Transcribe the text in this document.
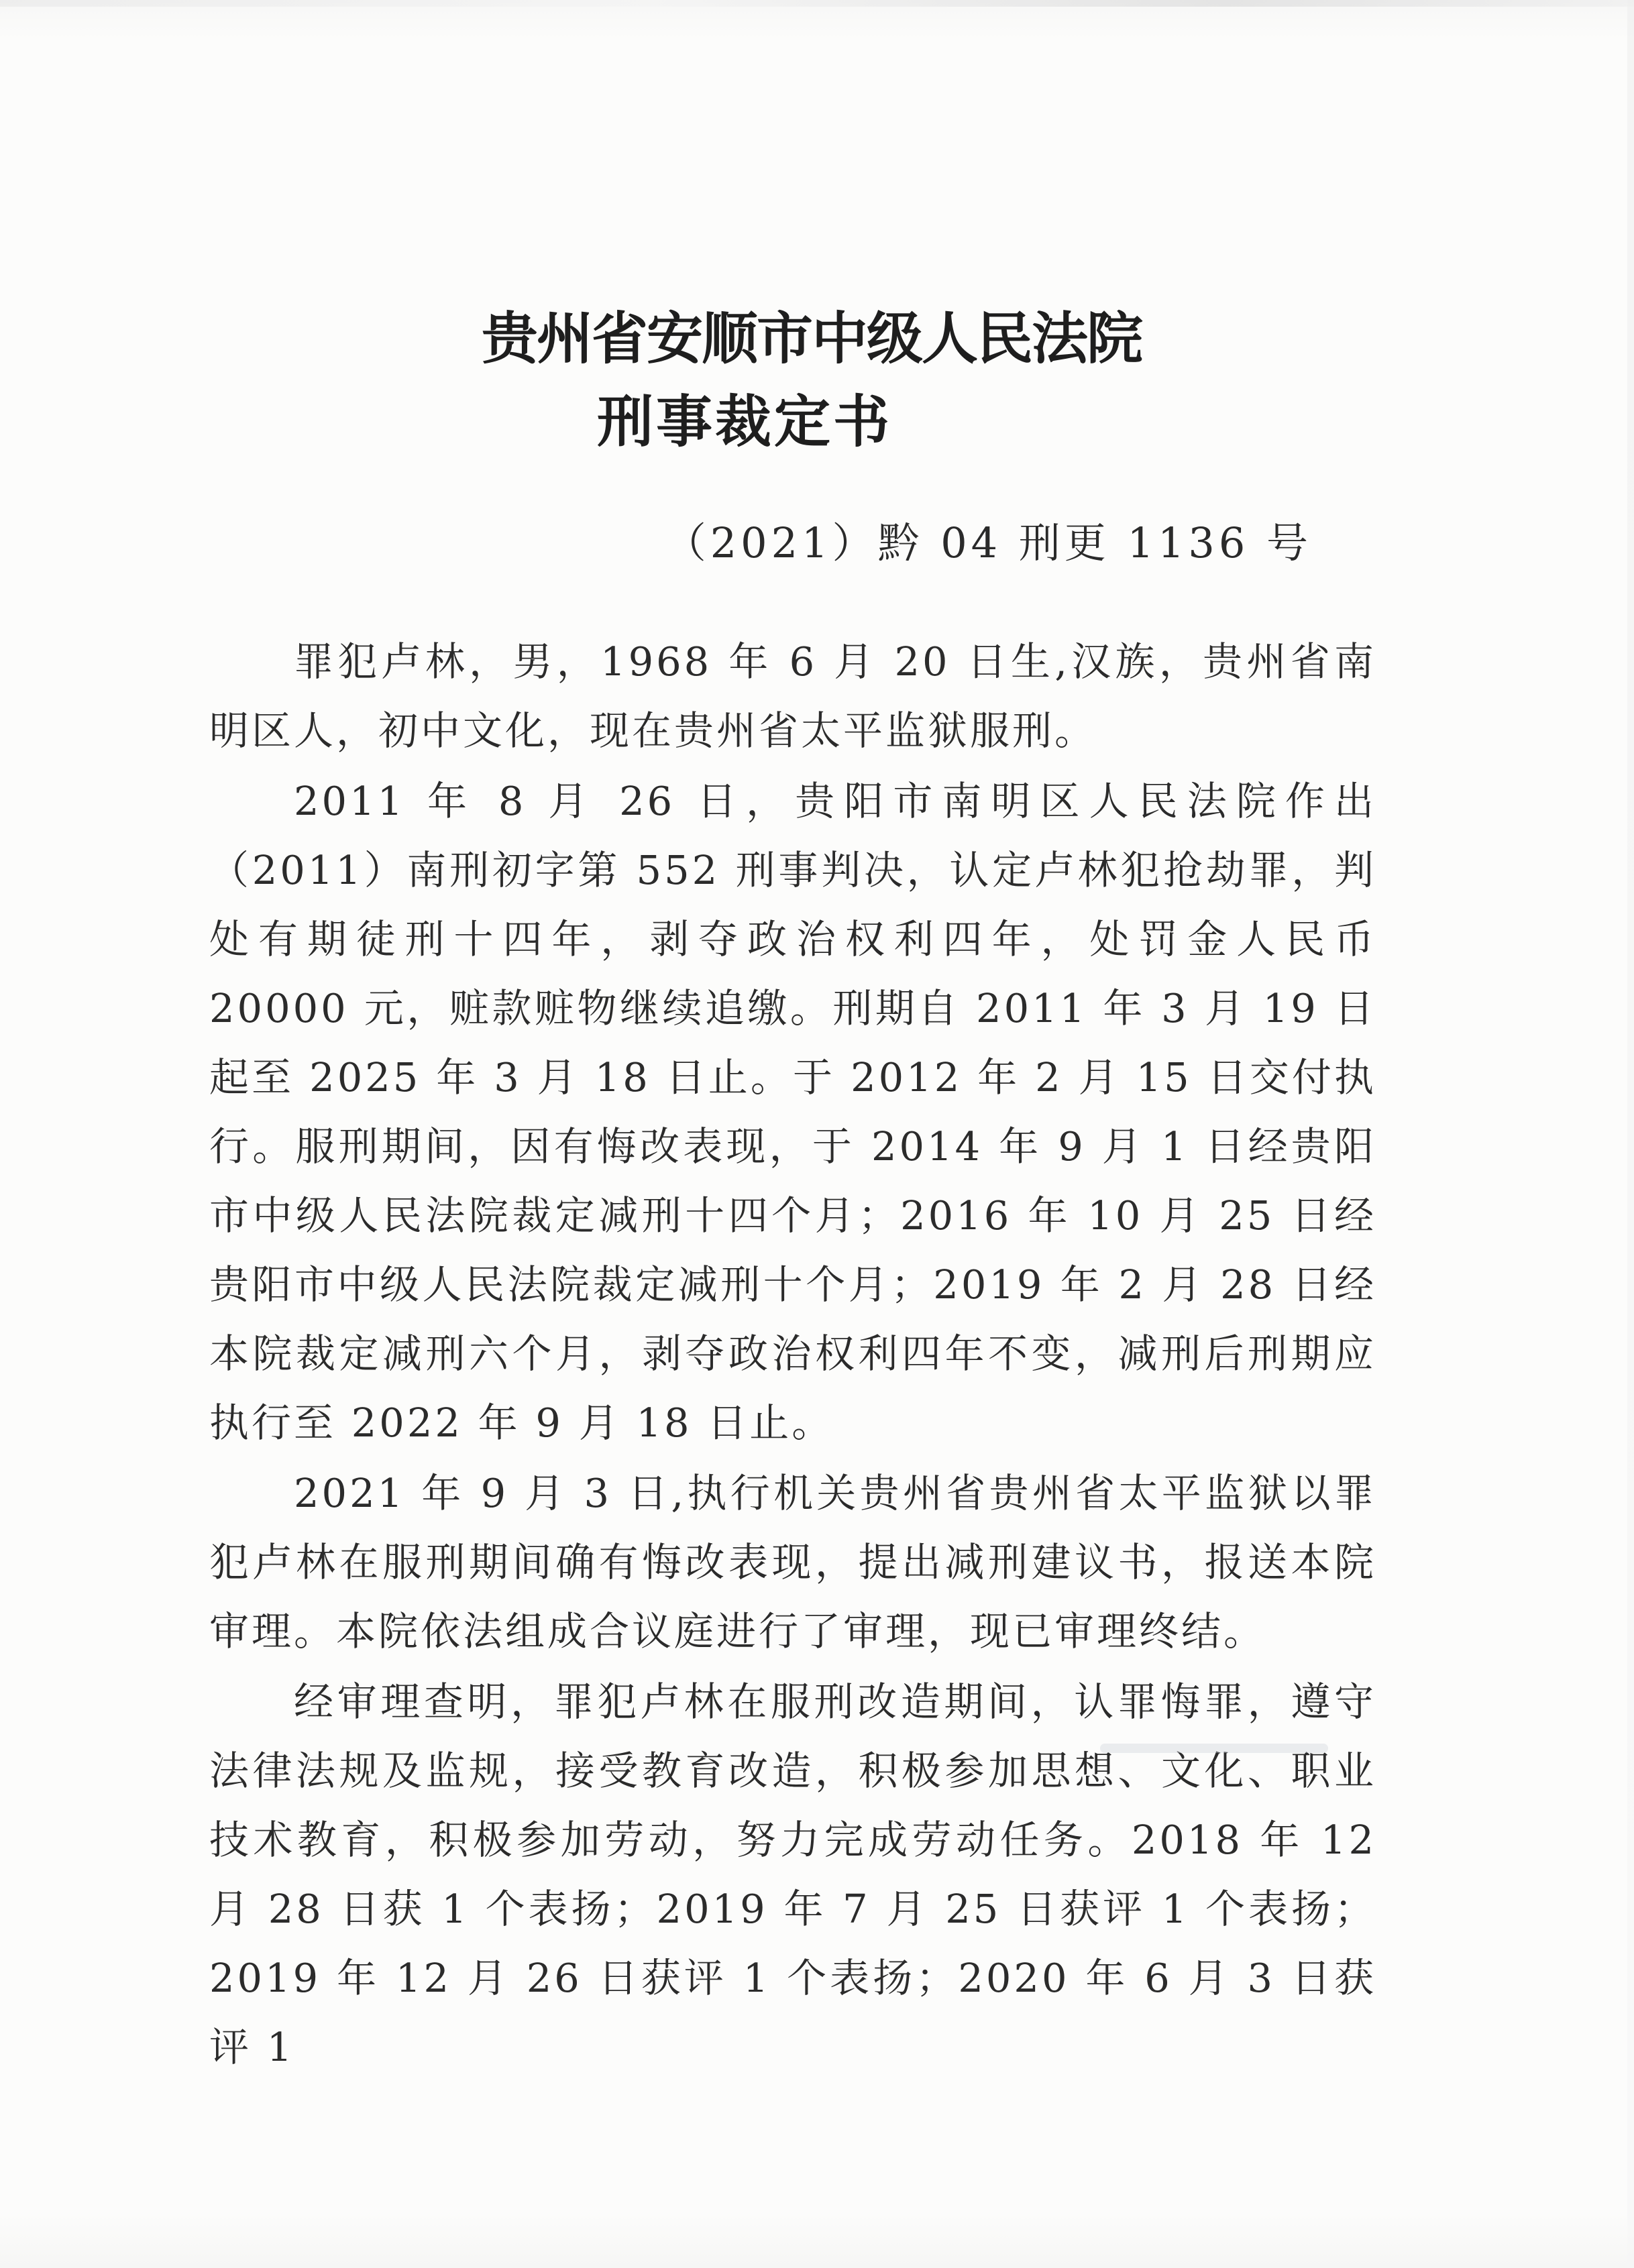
贵州省安顺市中级人民法院
刑事裁定书
（2021）黔 04 刑更 1136 号

罪犯卢林，男，1968 年 6 月 20 日生,汉族，贵州省南明区人，初中文化，现在贵州省太平监狱服刑。

2011 年 8 月 26 日，贵阳市南明区人民法院作出（2011）南刑初字第 552 刑事判决，认定卢林犯抢劫罪，判处有期徒刑十四年，剥夺政治权利四年，处罚金人民币 20000 元，赃款赃物继续追缴。刑期自 2011 年 3 月 19 日起至 2025 年 3 月 18 日止。于 2012 年 2 月 15 日交付执行。服刑期间，因有悔改表现，于 2014 年 9 月 1 日经贵阳市中级人民法院裁定减刑十四个月；2016 年 10 月 25 日经贵阳市中级人民法院裁定减刑十个月；2019 年 2 月 28 日经本院裁定减刑六个月，剥夺政治权利四年不变，减刑后刑期应执行至 2022 年 9 月 18 日止。

2021 年 9 月 3 日,执行机关贵州省贵州省太平监狱以罪犯卢林在服刑期间确有悔改表现，提出减刑建议书，报送本院审理。本院依法组成合议庭进行了审理，现已审理终结。

经审理查明，罪犯卢林在服刑改造期间，认罪悔罪，遵守法律法规及监规，接受教育改造，积极参加思想、文化、职业技术教育，积极参加劳动，努力完成劳动任务。2018 年 12 月 28 日获 1 个表扬；2019 年 7 月 25 日获评 1 个表扬；2019 年 12 月 26 日获评 1 个表扬；2020 年 6 月 3 日获评 1
